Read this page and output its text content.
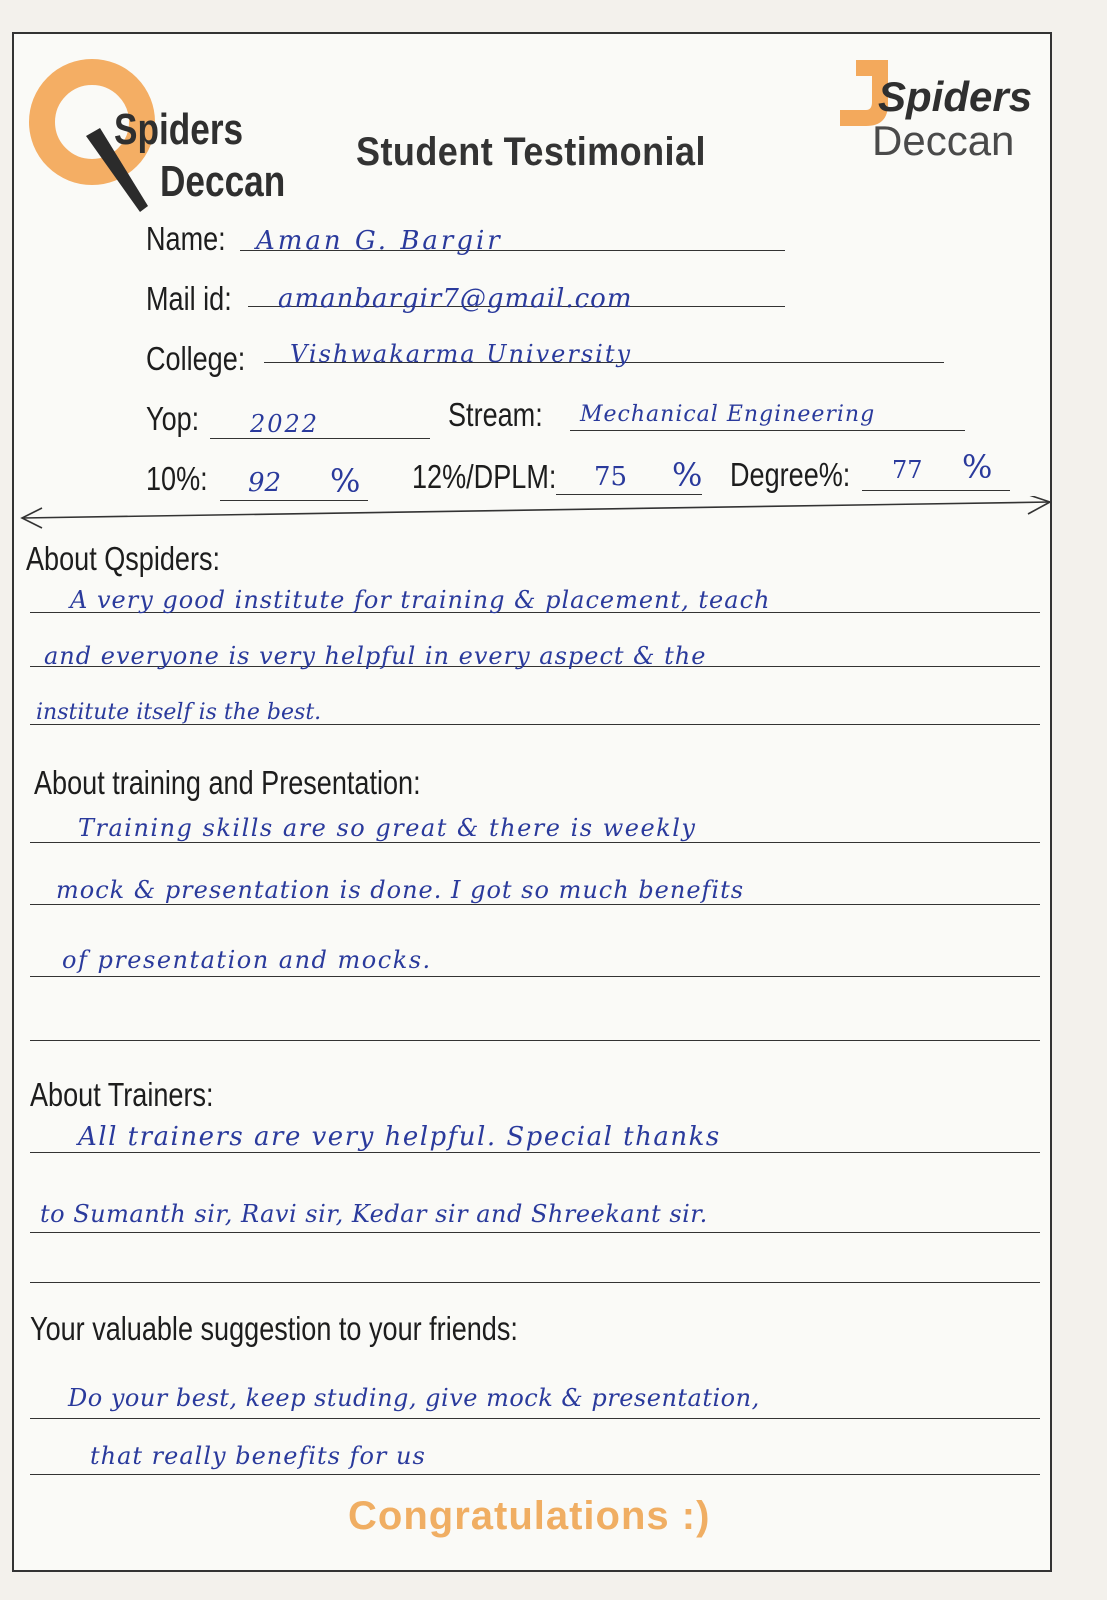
Spiders
Deccan
Student Testimonial
Spiders
Deccan
Name: Aman G. Bargir
Mail id: amanbargir7@gmail.com
College: Vishwakarma University
Yop: 2022	Stream: Mechanical Engineering
10%: 92 % 12%/DPLM: 75 % Degree%: 77 %
About Qspiders:
A very good institute for training & placement, teach
and everyone is very helpful in every aspect & the
institute itself is the best.
About training and Presentation:
Training skills are so great & there is weekly
mock & presentation is done. I got so much benefits
of presentation and mocks.
About Trainers:
All trainers are very helpful. Special thanks
to Sumanth sir, Ravi sir, Kedar sir and Shreekant sir.
Your valuable suggestion to your friends:
Do your best, keep studing, give mock & presentation,
that really benefits for us
Congratulations :)
